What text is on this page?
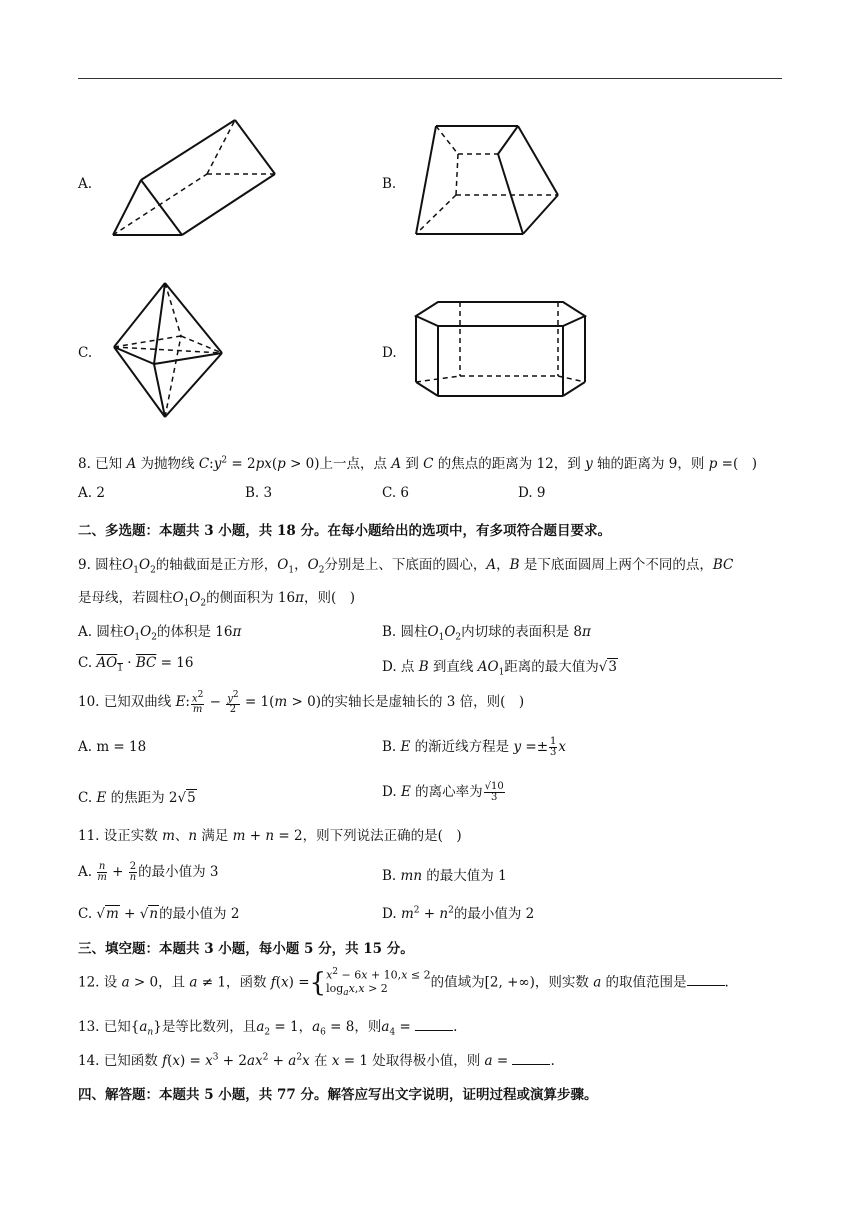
A.	B.
C.	D.
8. 已知 A 为抛物线 $C:y^2 = 2px(p > 0)$上一点，点 A 到 C 的焦点的距离为 12，到 y 轴的距离为 9，则 p =(　)
A. 2	B. 3	C. 6	D. 9
二、多选题：本题共 3 小题，共 18 分。在每小题给出的选项中，有多项符合题目要求。
9. 圆柱$O_1O_2$的轴截面是正方形，$O_1$，$O_2$分别是上、下底面的圆心，A，B 是下底面圆周上两个不同的点，BC
是母线，若圆柱$O_1O_2$的侧面积为 16π，则(　)
A. 圆柱$O_1O_2$的体积是 16π	B. 圆柱$O_1O_2$内切球的表面积是 8π
C. $AO_1 \cdot \overline{BC} = 16$	D. 点 B 到直线 $AO_1$距离的最大值为√3
10. 已知双曲线 E: $\frac{x^2}{m} - \frac{y^2}{2} = 1(m > 0)$的实轴长是虚轴长的 3 倍，则(　)
A. m = 18	B. E 的渐近线方程是 $y =\pm \frac{1}{3}$ x
C. E 的焦距为 2√5	D. E 的离心率为 $\frac{√10}{3}$
11. 设正实数 m、n 满足 m + n = 2，则下列说法正确的是(　)
A. $\frac{n}{m} + \frac{2}{n}$ 的最小值为 3	B. mn 的最大值为 1
C. √m + √n的最小值为 2	D. $m^2 + n^2$的最小值为 2
三、填空题：本题共 3 小题，每小题 5 分，共 15 分。
12. 设 a > 0，且 a ≠ 1，函数 $f(x) =\{x^2 - 6x + 10,x \le 2$
$\log_ax,x > 2$	的值域为[2, +∞)，则实数 a 的取值范围是	.
13. 已知$\{a_n\}$是等比数列，且$a_2 = 1$，$a_6 = 8$，则$a_4$ =	.
14. 已知函数 $f(x) = x^3 + 2ax^2 + a^2x$ 在 x = 1 处取得极小值，则 a =	.
四、解答题：本题共 5 小题，共 77 分。解答应写出文字说明，证明过程或演算步骤。
